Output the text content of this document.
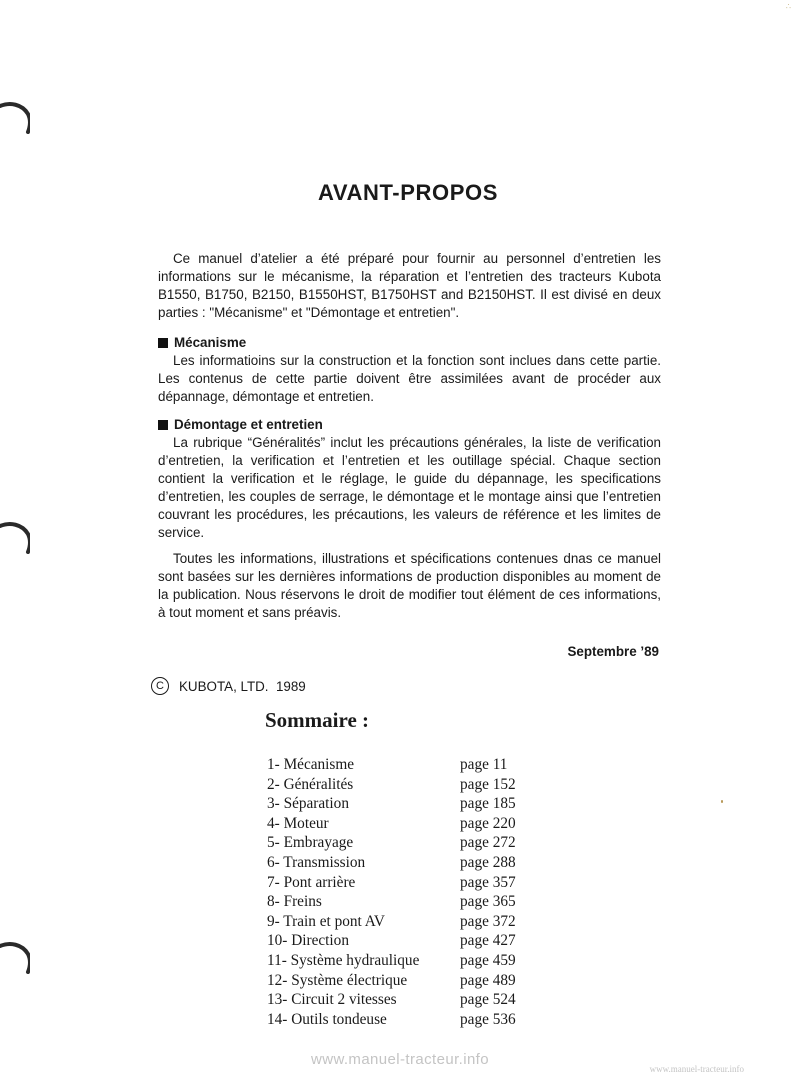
∴
AVANT-PROPOS

Ce manuel d’atelier a été préparé pour fournir au personnel d’entretien les informations sur le mécanisme, la réparation et l’entretien des tracteurs Kubota B1550, B1750, B2150, B1550HST, B1750HST and B2150HST. Il est divisé en deux parties : "Mécanisme" et "Démontage et entretien".

Mécanisme

Les informatioins sur la construction et la fonction sont inclues dans cette partie. Les contenus de cette partie doivent être assimilées avant de procéder aux dépannage, démontage et entretien.

Démontage et entretien

La rubrique “Généralités” inclut les précautions générales, la liste de verification d’entretien, la verification et l’entretien et les outillage spécial. Chaque section contient la verification et le réglage, le guide du dépannage, les specifications d’entretien, les couples de serrage, le démontage et le montage ainsi que l’entretien couvrant les procédures, les précautions, les valeurs de référence et les limites de service.

Toutes les informations, illustrations et spécifications contenues dnas ce manuel sont basées sur les dernières informations de production disponibles au moment de la publication. Nous réservons le droit de modifier tout élément de ces informations, à tout moment et sans préavis.

Septembre ’89
C	KUBOTA, LTD.  1989
Sommaire :
1- Mécanisme	page 11
2- Généralités	page 152
3- Séparation	page 185
4- Moteur	page 220
5- Embrayage	page 272
6- Transmission	page 288
7- Pont arrière	page 357
8- Freins	page 365
9- Train et pont AV	page 372
10- Direction	page 427
11- Système hydraulique	page 459
12- Système électrique	page 489
13- Circuit 2 vitesses	page 524
14- Outils tondeuse	page 536
www.manuel-tracteur.info
www.manuel-tracteur.info
